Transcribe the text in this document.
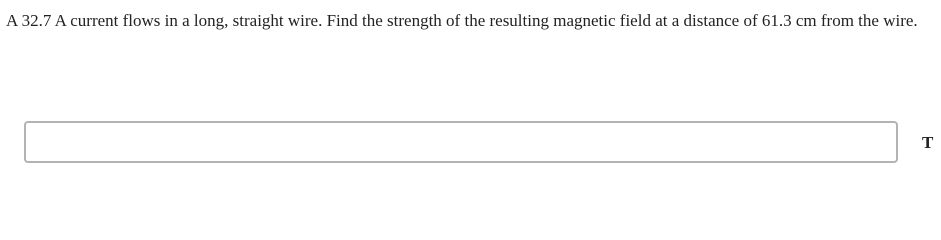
A 32.7 A current flows in a long, straight wire. Find the strength of the resulting magnetic field at a distance of 61.3 cm from the wire.

T
